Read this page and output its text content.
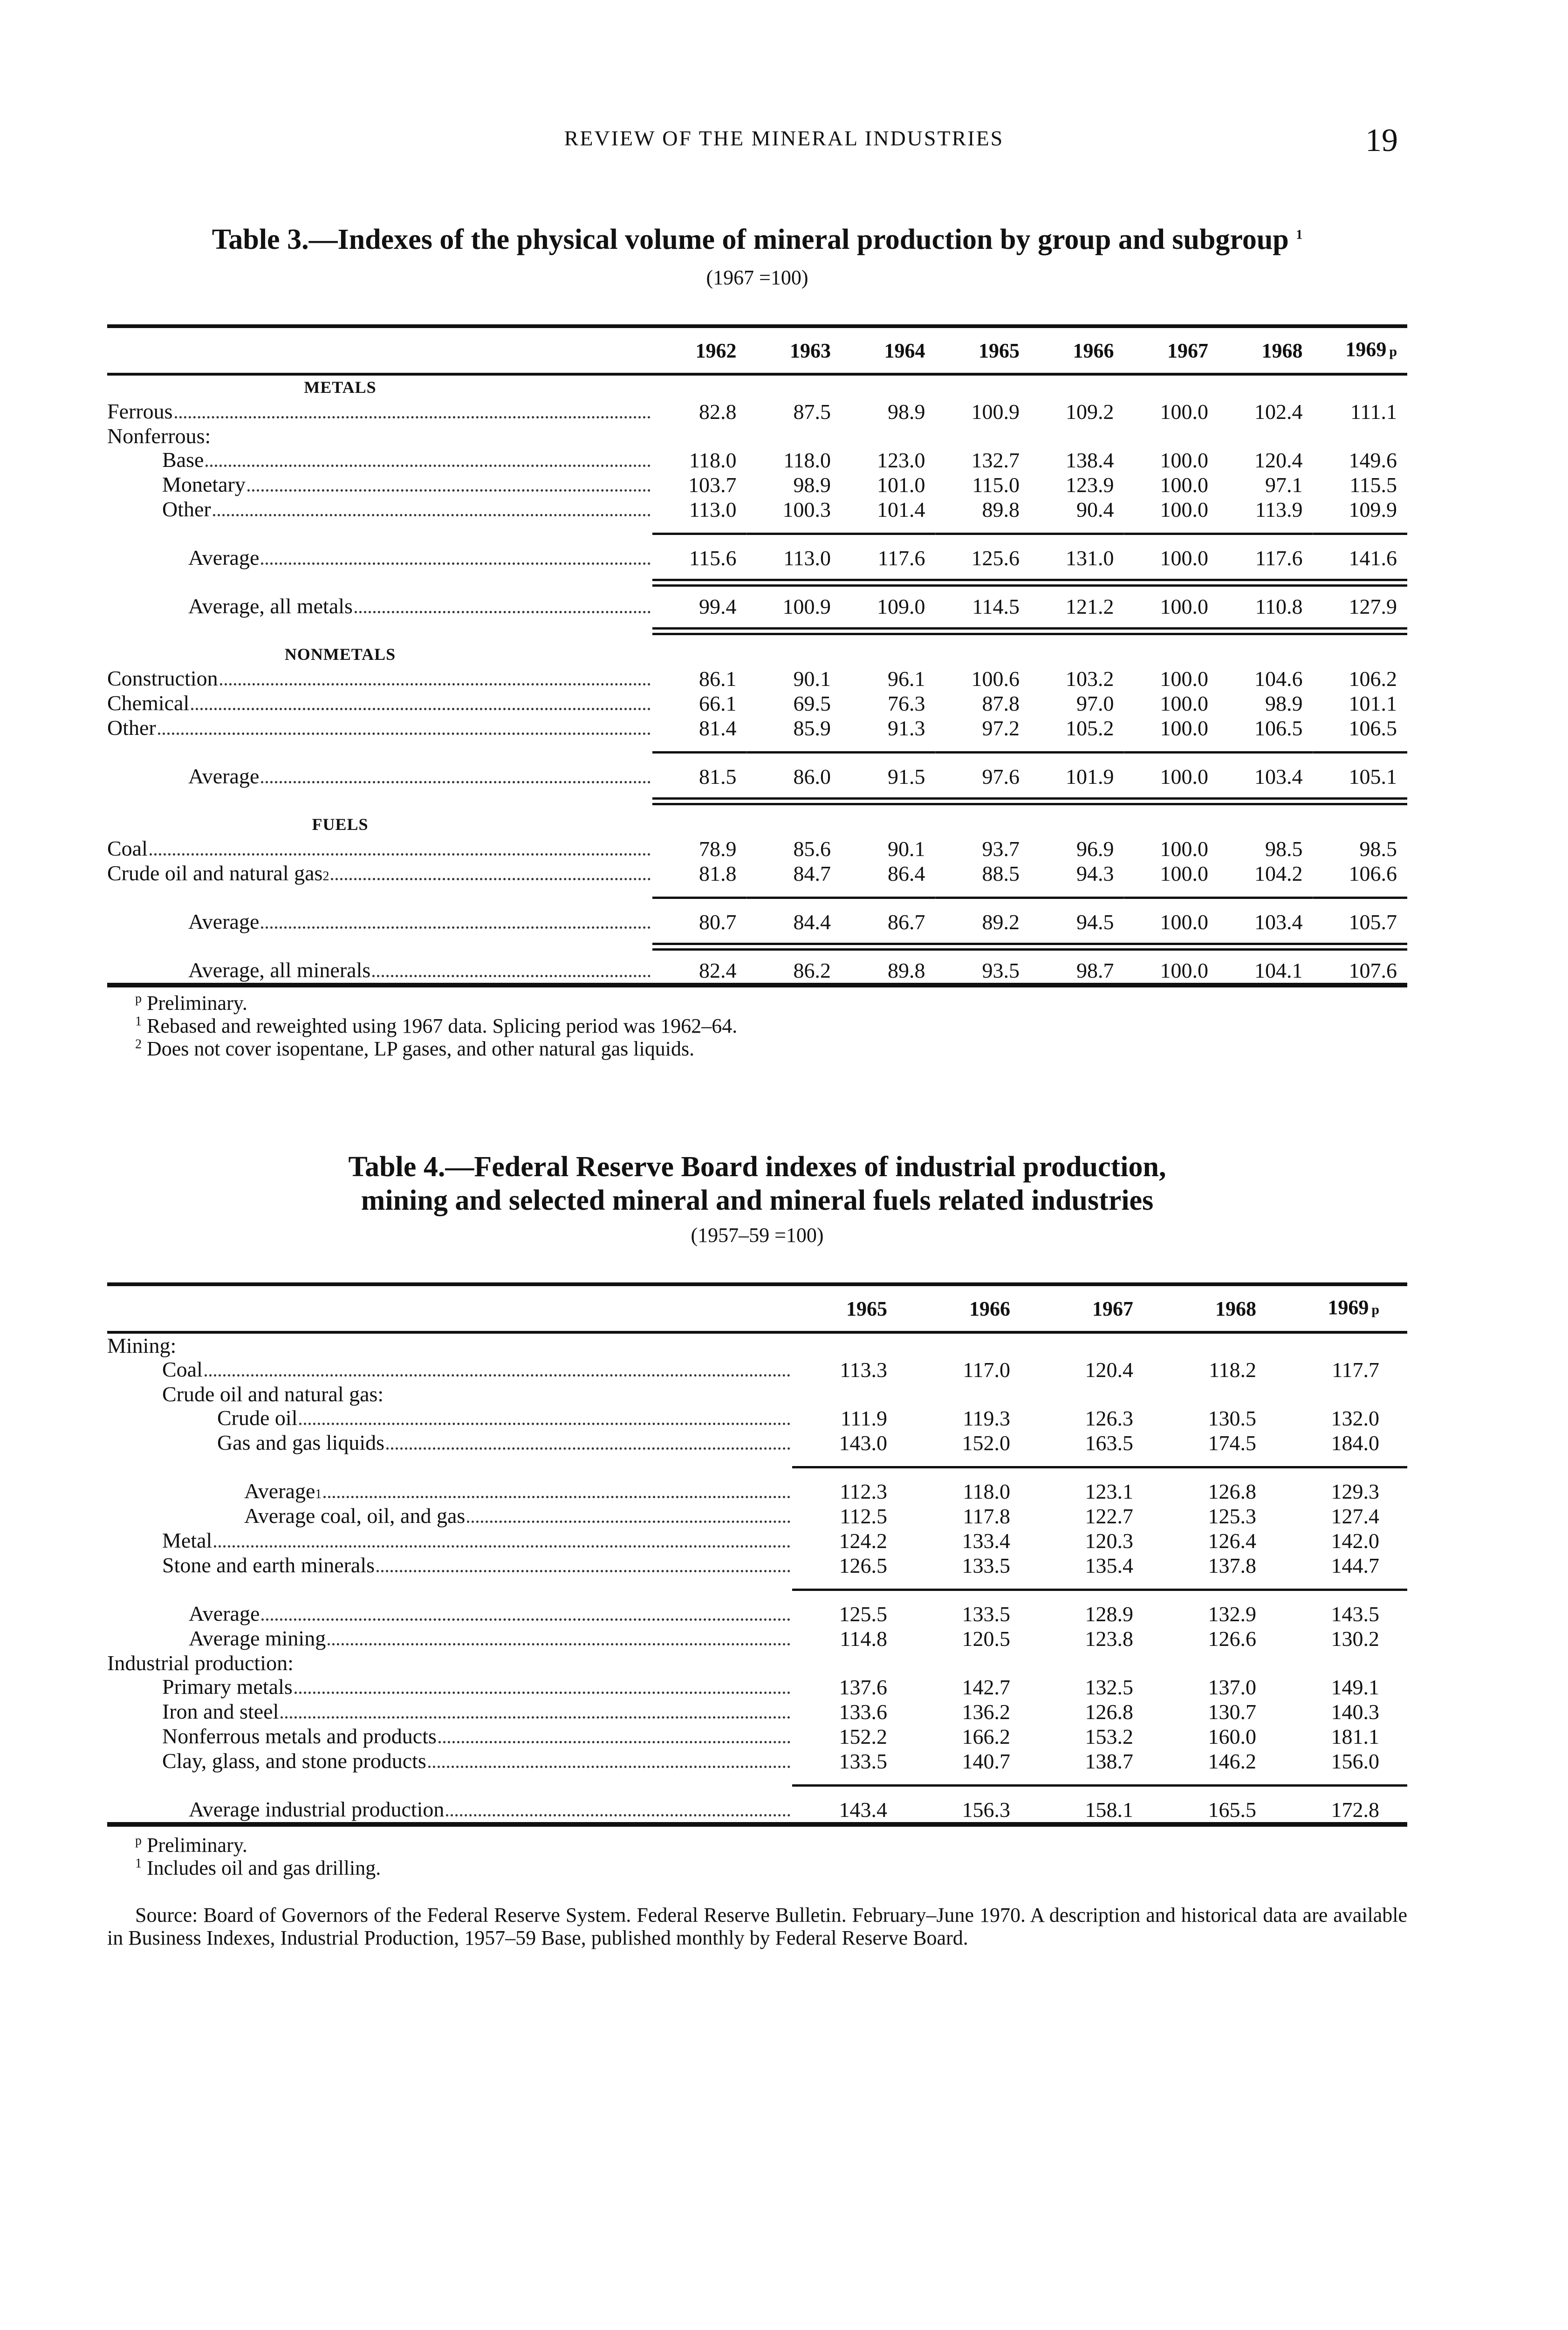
REVIEW OF THE MINERAL INDUSTRIES	19
Table 3.—Indexes of the physical volume of mineral production by group and subgroup $^1$
(1967 =100)
	1962	1963	1964	1965	1966	1967	1968	1969 p

METALS								

Ferrous	82.8	87.5	98.9	100.9	109.2	100.0	102.4	111.1

Nonferrous:								

Base	118.0	118.0	123.0	132.7	138.4	100.0	120.4	149.6

Monetary	103.7	98.9	101.0	115.0	123.9	100.0	97.1	115.5

Other	113.0	100.3	101.4	89.8	90.4	100.0	113.9	109.9

Average	115.6	113.0	117.6	125.6	131.0	100.0	117.6	141.6

Average, all metals	99.4	100.9	109.0	114.5	121.2	100.0	110.8	127.9

NONMETALS								

Construction	86.1	90.1	96.1	100.6	103.2	100.0	104.6	106.2

Chemical	66.1	69.5	76.3	87.8	97.0	100.0	98.9	101.1

Other	81.4	85.9	91.3	97.2	105.2	100.0	106.5	106.5

Average	81.5	86.0	91.5	97.6	101.9	100.0	103.4	105.1

FUELS								

Coal	78.9	85.6	90.1	93.7	96.9	100.0	98.5	98.5

Crude oil and natural gas 2	81.8	84.7	86.4	88.5	94.3	100.0	104.2	106.6

Average	80.7	84.4	86.7	89.2	94.5	100.0	103.4	105.7

Average, all minerals	82.4	86.2	89.8	93.5	98.7	100.0	104.1	107.6

$^p$ Preliminary.
$^1$ Rebased and reweighted using 1967 data. Splicing period was 1962–64.
$^2$ Does not cover isopentane, LP gases, and other natural gas liquids.
Table 4.—Federal Reserve Board indexes of industrial production,
mining and selected mineral and mineral fuels related industries
(1957–59 =100)
	1965	1966	1967	1968	1969 p

Mining:					

Coal	113.3	117.0	120.4	118.2	117.7

Crude oil and natural gas:					

Crude oil	111.9	119.3	126.3	130.5	132.0

Gas and gas liquids	143.0	152.0	163.5	174.5	184.0

Average 1	112.3	118.0	123.1	126.8	129.3

Average coal, oil, and gas	112.5	117.8	122.7	125.3	127.4

Metal	124.2	133.4	120.3	126.4	142.0

Stone and earth minerals	126.5	133.5	135.4	137.8	144.7

Average	125.5	133.5	128.9	132.9	143.5

Average mining	114.8	120.5	123.8	126.6	130.2

Industrial production:					

Primary metals	137.6	142.7	132.5	137.0	149.1

Iron and steel	133.6	136.2	126.8	130.7	140.3

Nonferrous metals and products	152.2	166.2	153.2	160.0	181.1

Clay, glass, and stone products	133.5	140.7	138.7	146.2	156.0

Average industrial production	143.4	156.3	158.1	165.5	172.8

$^p$ Preliminary.
$^1$ Includes oil and gas drilling.
Source: Board of Governors of the Federal Reserve System. Federal Reserve Bulletin. February–June 1970. A description and historical data are available in Business Indexes, Industrial Production, 1957–59 Base, published monthly by Federal Reserve Board.
